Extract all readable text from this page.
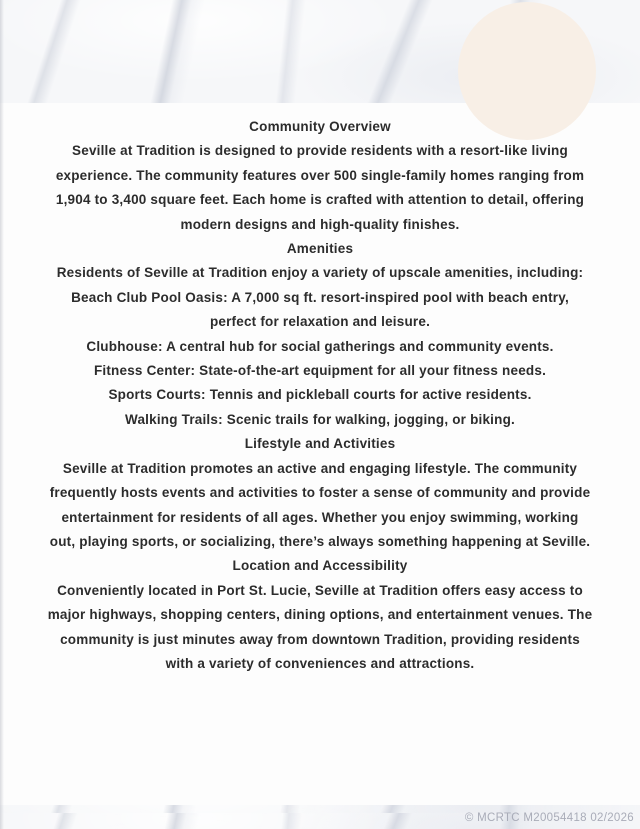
Community Overview
Seville at Tradition is designed to provide residents with a resort-like living
experience. The community features over 500 single-family homes ranging from
1,904 to 3,400 square feet. Each home is crafted with attention to detail, offering
modern designs and high-quality finishes.
Amenities
Residents of Seville at Tradition enjoy a variety of upscale amenities, including:
Beach Club Pool Oasis: A 7,000 sq ft. resort-inspired pool with beach entry,
perfect for relaxation and leisure.
Clubhouse: A central hub for social gatherings and community events.
Fitness Center: State-of-the-art equipment for all your fitness needs.
Sports Courts: Tennis and pickleball courts for active residents.
Walking Trails: Scenic trails for walking, jogging, or biking.
Lifestyle and Activities
Seville at Tradition promotes an active and engaging lifestyle. The community
frequently hosts events and activities to foster a sense of community and provide
entertainment for residents of all ages. Whether you enjoy swimming, working
out, playing sports, or socializing, there’s always something happening at Seville.
Location and Accessibility
Conveniently located in Port St. Lucie, Seville at Tradition offers easy access to
major highways, shopping centers, dining options, and entertainment venues. The
community is just minutes away from downtown Tradition, providing residents
with a variety of conveniences and attractions.
© MCRTC M20054418 02/2026
